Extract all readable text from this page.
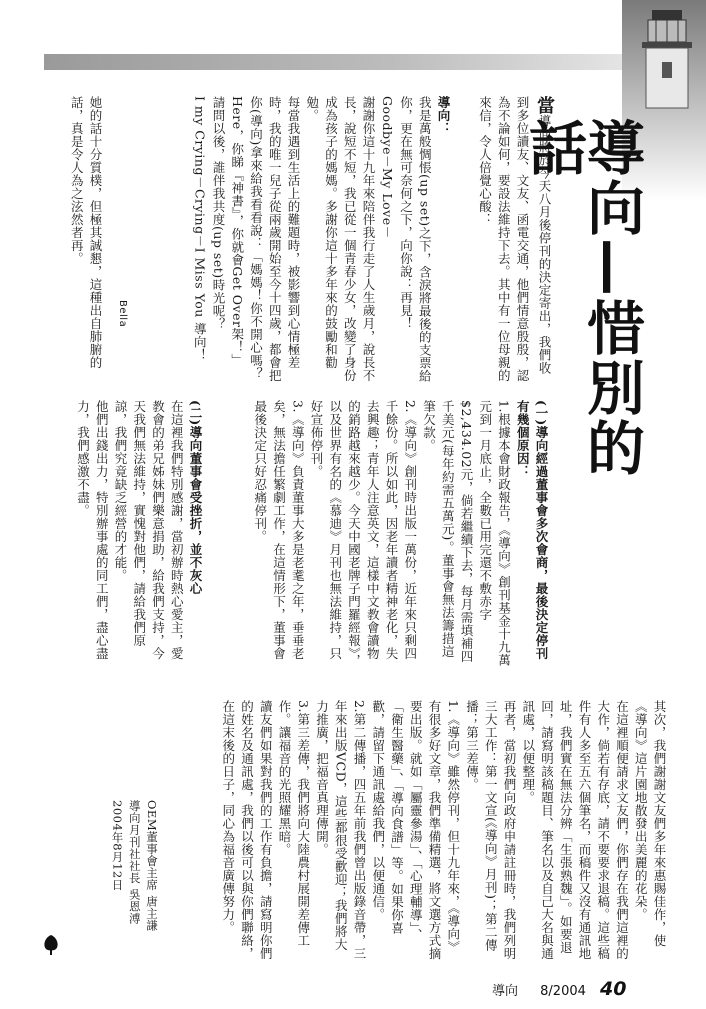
導向—惜別的話
當導向將於今天八月後停刊的決定寄出，我們收到多位讀友、文友、函電交通，他們情意殷殷，認為不論如何，要設法維持下去。其中有一位母親的來信，令人倍覺心酸：
導向：
我是萬般惆悵(up set)之下，含淚將最後的支票給你，更在無可奈何之下，向你說：再見！Goodbye－My Love－
謝謝你這十九年來陪伴我行走了人生歲月，說長不長，說短不短，我已從一個青春少女，改變了身份成為孩子的媽媽。多謝你這十多年來的鼓勵和勸勉。
每當我遇到生活上的難題時，被影響到心情極差時，我的唯一兒子從兩歲開始至今十四歲，都會把你(導向)拿來給我看看說：「媽媽！你不開心嗎？Here，你睇『神書』，你就會Get Over架！」
請問以後，誰伴我共度(up set)時光呢？
I my Crying－Crying－I Miss You 導向！
Bella
她的話十分質樸，但極其誠懇，這種出自肺腑的話，真是令人為之泫然者再。
(一)導向經過董事會多次會商，最後決定停刊有幾個原因：
1.根據本會財政報告，《導向》創刊基金十九萬元到一月底止，全數已用完還不敷赤字$2,434.02元，倘若繼續下去，每月需填補四千美元(每年約需五萬元)。董事會無法籌措這筆欠款。
2.《導向》創刊時出版一萬份，近年來只剩四千餘份。所以如此，因老年讀者精神老化，失去興趣；青年人注意英文，這樣中文教會讀物的銷路越來越少。今天中國老牌子門羅經報》，以及世界有名的《慕迪》月刊也無法維持，只好宣佈停刊。
3.《導向》負責董事大多是老耄之年，垂垂老矣，無法擔任繁劇工作，在這情形下，董事會最後決定只好忍痛停刊。
(二)導向董事會受挫折，並不灰心
在這裡我們特別感謝，當初辦時熱心愛主，愛教會的弟兄姊妹們樂意捐助，給我們支持，今天我們無法維持，實愧對他們，請給我們原諒，我們究竟缺乏經營的才能。
他們出錢出力，特別辦事處的同工們，盡心盡力，我們感激不盡。
其次，我們謝謝文友們多年來惠賜佳作，使《導向》這片園地散發出美麗的花朵。
在這裡順便請求文友們，你們存在我們這裡的大作，倘若有存底，請不要要求退稿。這些稿件有人多至五六個筆名，而稿件又沒有通訊地址，我們實在無法分辨「生張熟魏」。如要退回，請寫明該稿題目、筆名以及自己大名與通訊處，以便整理。
再者，當初我們向政府申請註冊時，我們列明三大工作：第一文宣(《導向》月刊)；第二傳播；第三差傳。
1.《導向》雖然停刊，但十九年來，《導向》有很多好文章，我們準備精選，將文選方式摘要出版。就如「屬靈參湯」、「心理輔導」、「衛生醫藥」、「導向食譜」等。如果你喜歡，請留下通訊處給我們，以便通信。
2.第二傳播，四五年前我們曾出版錄音帶，三年來出版VCD，這些都很受歡迎；我們將大力推廣，把福音真理傳開。
3.第三差傳，我們將向大陸農村展開差傳工作。讓福音的光照耀黑暗。
讀友們如果對我們的工作有負擔，請寫明你們的姓名及通訊處，我們以後可以與你們聯絡，在這末後的日子，同心為福音廣傳努力。
OEM董事會主席 唐主謙
導向月刊社社長 吳恩溥
2004年8月12日
導向 8/2004 40
